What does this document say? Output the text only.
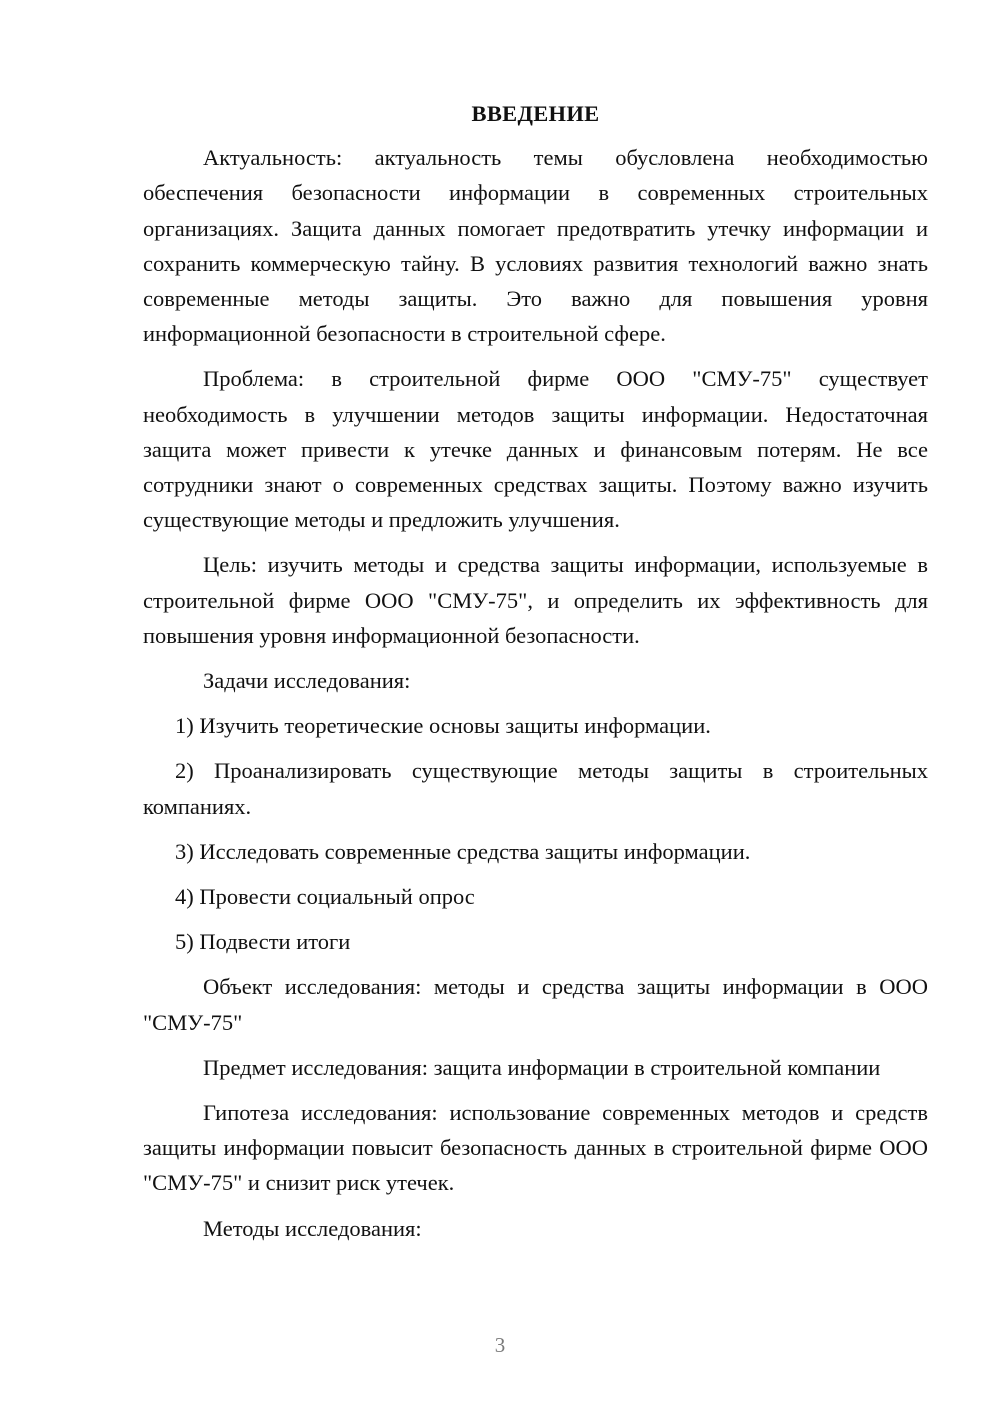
ВВЕДЕНИЕ

Актуальность: актуальность темы обусловлена необходимостью обеспечения безопасности информации в современных строительных организациях. Защита данных помогает предотвратить утечку информации и сохранить коммерческую тайну. В условиях развития технологий важно знать современные методы защиты. Это важно для повышения уровня информационной безопасности в строительной сфере.

Проблема: в строительной фирме ООО "СМУ-75" существует необходимость в улучшении методов защиты информации. Недостаточная защита может привести к утечке данных и финансовым потерям. Не все сотрудники знают о современных средствах защиты. Поэтому важно изучить существующие методы и предложить улучшения.

Цель: изучить методы и средства защиты информации, используемые в строительной фирме ООО "СМУ-75", и определить их эффективность для повышения уровня информационной безопасности.

Задачи исследования:

1) Изучить теоретические основы защиты информации.

2) Проанализировать существующие методы защиты в строительных компаниях.

3) Исследовать современные средства защиты информации.

4) Провести социальный опрос

5) Подвести итоги

Объект исследования: методы и средства защиты информации в ООО "СМУ-75"

Предмет исследования: защита информации в строительной компании

Гипотеза исследования: использование современных методов и средств защиты информации повысит безопасность данных в строительной фирме ООО "СМУ-75" и снизит риск утечек.

Методы исследования:

3
